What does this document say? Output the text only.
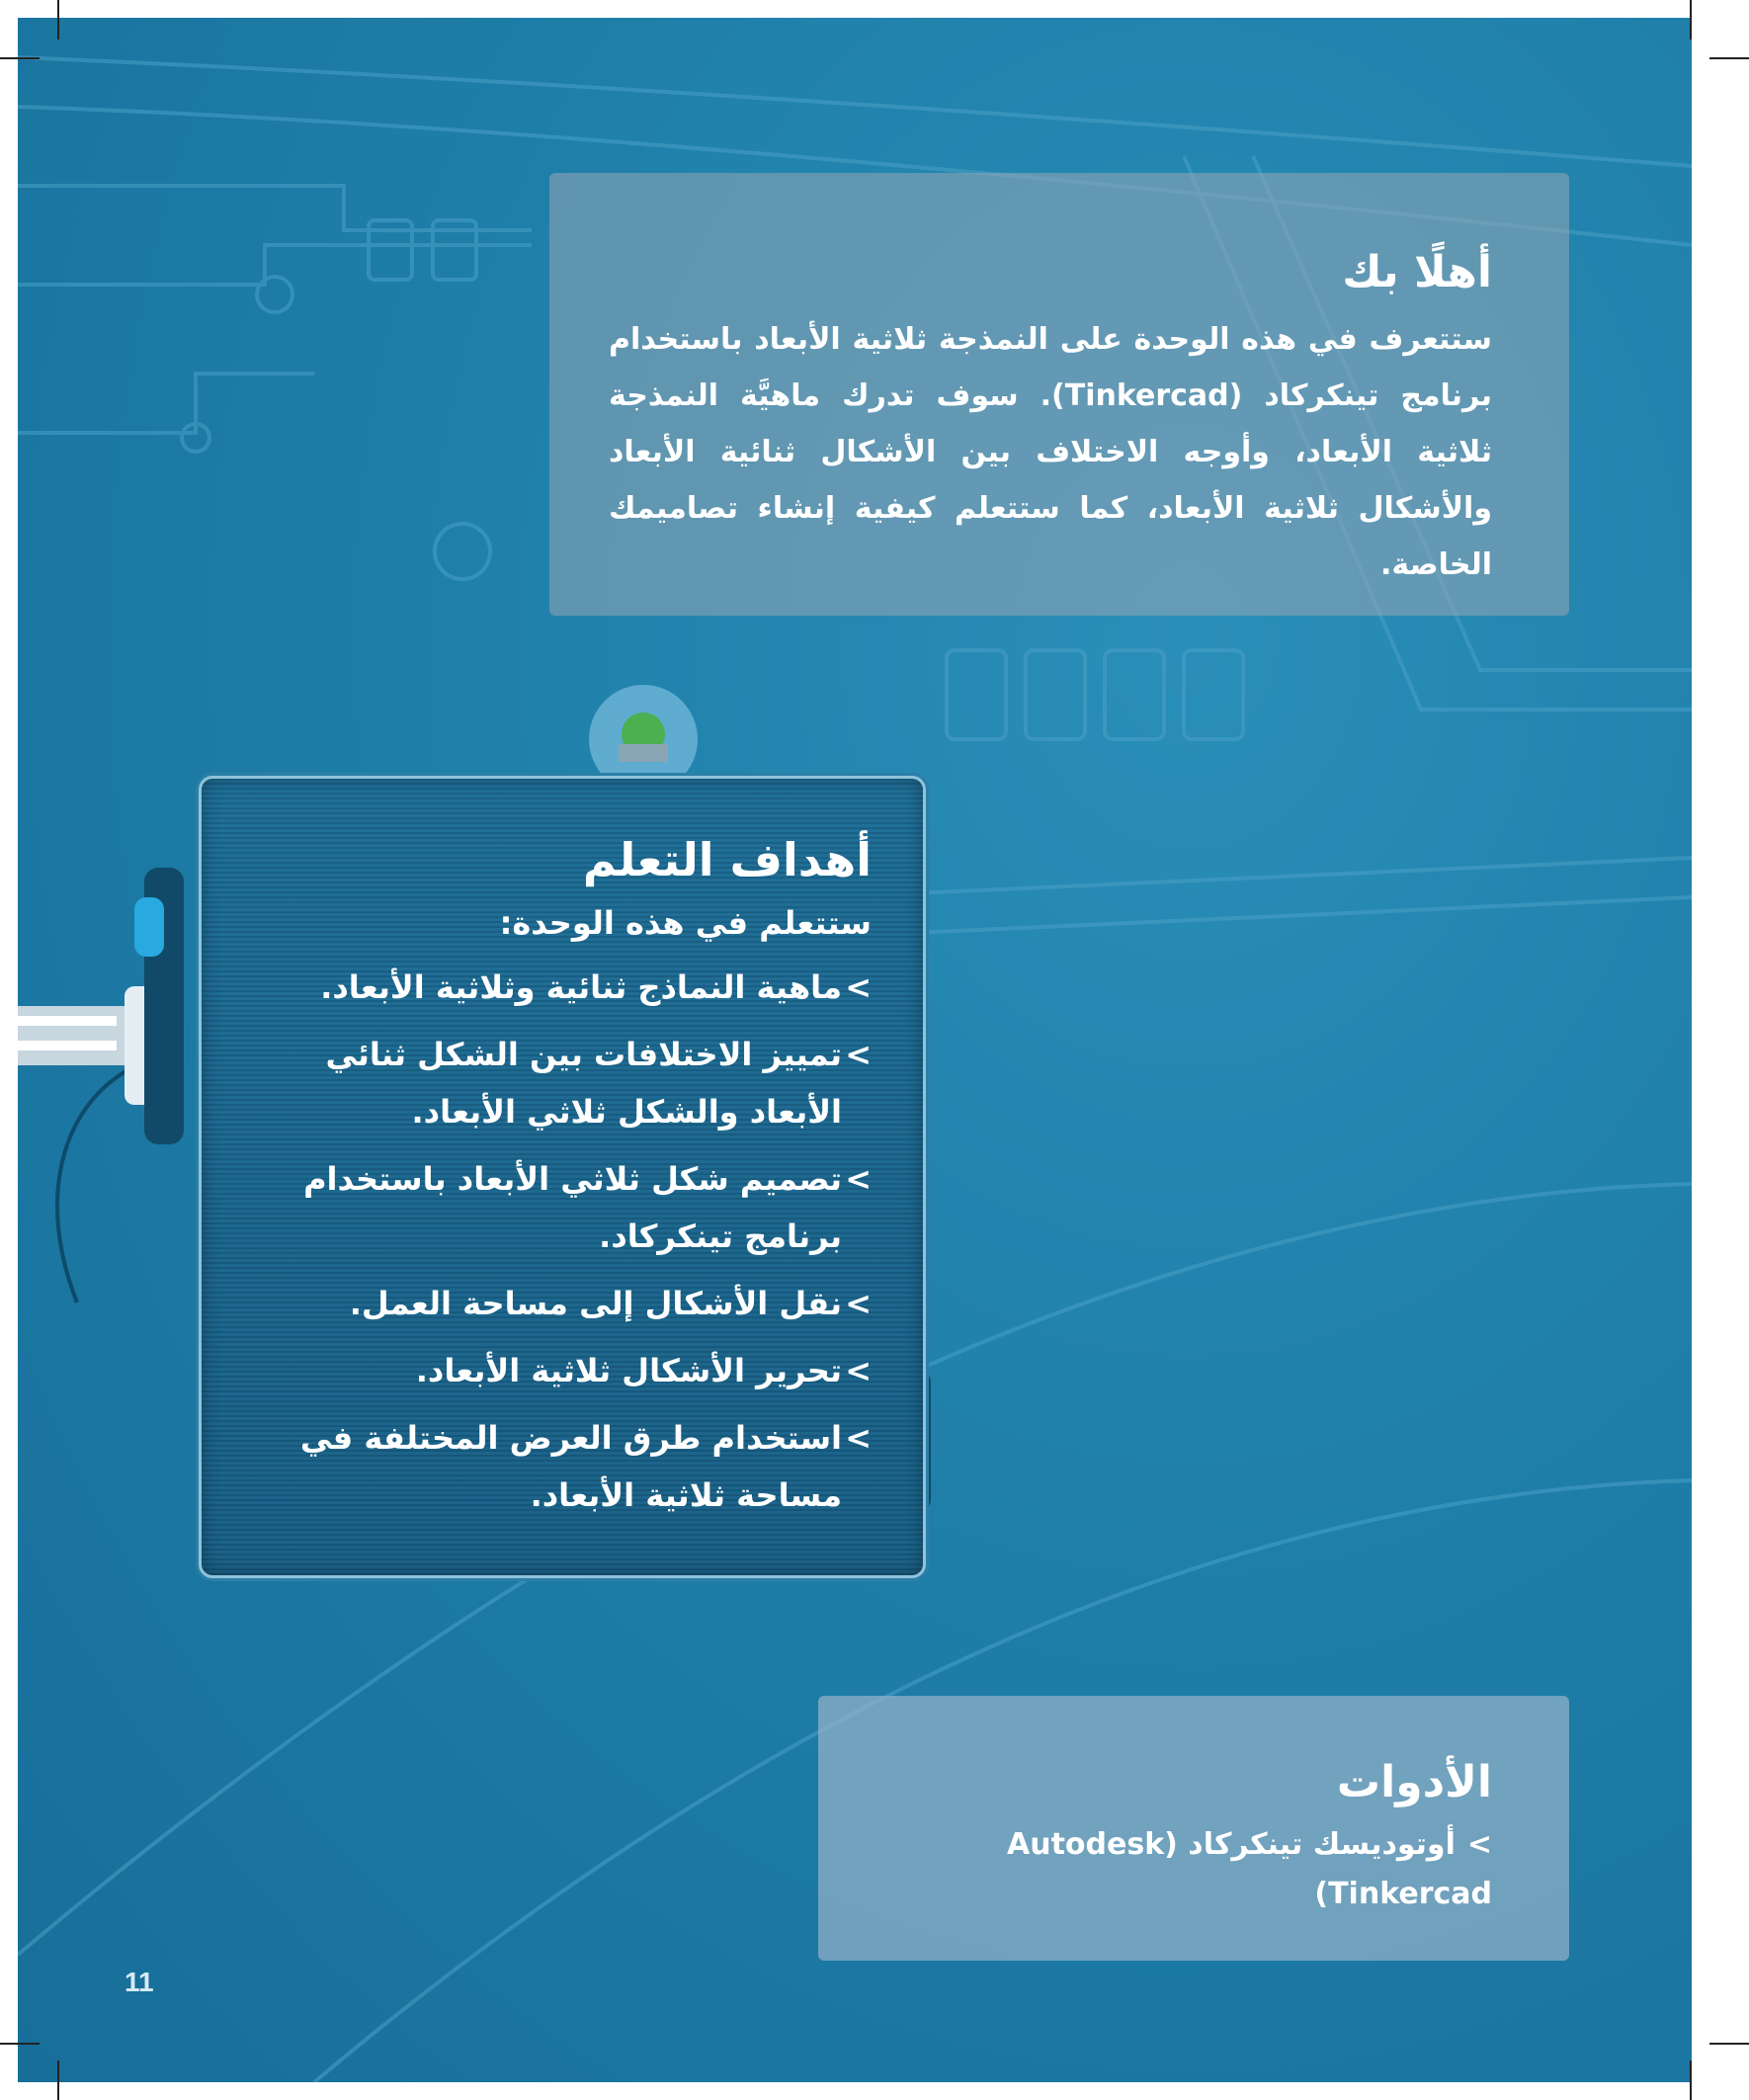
أهلًا بك

ستتعرف في هذه الوحدة على النمذجة ثلاثية الأبعاد باستخدام برنامج تينكركاد (Tinkercad). سوف تدرك ماهيَّة النمذجة ثلاثية الأبعاد، وأوجه الاختلاف بين الأشكال ثنائية الأبعاد والأشكال ثلاثية الأبعاد، كما ستتعلم كيفية إنشاء تصاميمك الخاصة.

أهداف التعلم

ستتعلم في هذه الوحدة:

>
ماهية النماذج ثنائية وثلاثية الأبعاد.
>
تمييز الاختلافات بين الشكل ثنائي الأبعاد والشكل ثلاثي الأبعاد.
>
تصميم شكل ثلاثي الأبعاد باستخدام برنامج تينكركاد.
>
نقل الأشكال إلى مساحة العمل.
>
تحرير الأشكال ثلاثية الأبعاد.
>
استخدام طرق العرض المختلفة في مساحة ثلاثية الأبعاد.
الأدوات
>أوتوديسك تينكركاد (Autodesk Tinkercad)
11
